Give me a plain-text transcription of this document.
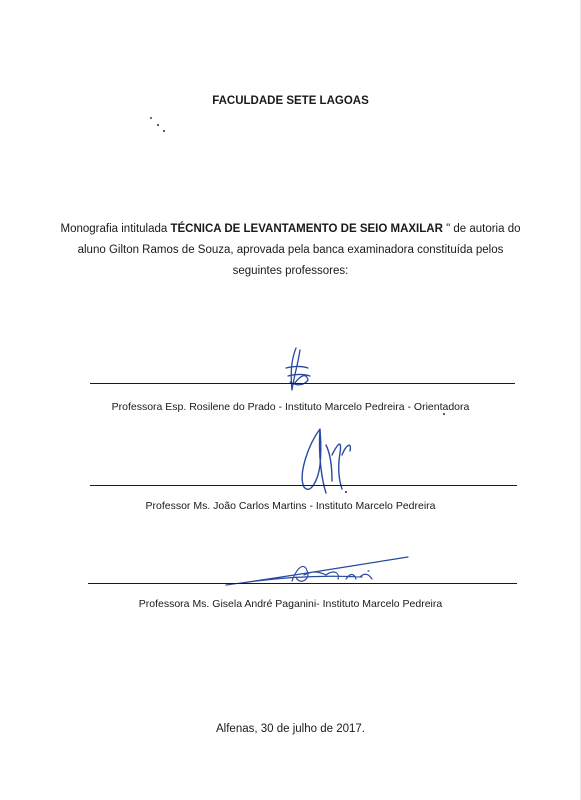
FACULDADE SETE LAGOAS

Monografia intitulada TÉCNICA DE LEVANTAMENTO DE SEIO MAXILAR " de autoria do aluno Gilton Ramos de Souza, aprovada pela banca examinadora constituída pelos seguintes professores:

Professora Esp. Rosilene do Prado - Instituto Marcelo Pedreira - Orientadora
Professor Ms. João Carlos Martins - Instituto Marcelo Pedreira
Professora Ms. Gisela André Paganini- Instituto Marcelo Pedreira
Alfenas, 30 de julho de 2017.
